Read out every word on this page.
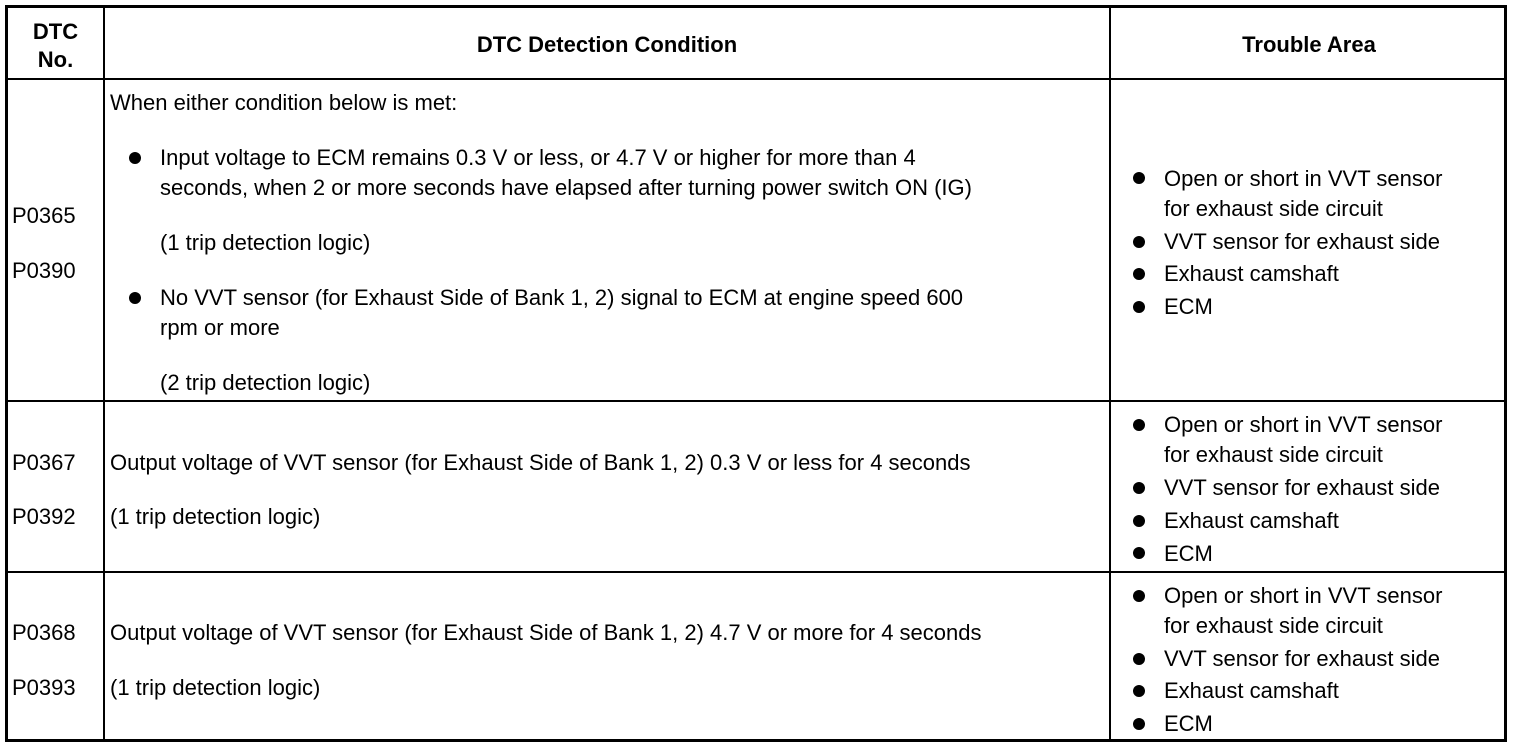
DTC
No.
DTC Detection Condition	Trouble Area
P0365
P0390
When either condition below is met:
Input voltage to ECM remains 0.3 V or less, or 4.7 V or higher for more than 4
seconds, when 2 or more seconds have elapsed after turning power switch ON (IG)
(1 trip detection logic)
No VVT sensor (for Exhaust Side of Bank 1, 2) signal to ECM at engine speed 600
rpm or more
(2 trip detection logic)
Open or short in VVT sensor
for exhaust side circuit
VVT sensor for exhaust side
Exhaust camshaft
ECM
P0367
P0392
Output voltage of VVT sensor (for Exhaust Side of Bank 1, 2) 0.3 V or less for 4 seconds
(1 trip detection logic)
Open or short in VVT sensor
for exhaust side circuit
VVT sensor for exhaust side
Exhaust camshaft
ECM
P0368
P0393
Output voltage of VVT sensor (for Exhaust Side of Bank 1, 2) 4.7 V or more for 4 seconds
(1 trip detection logic)
Open or short in VVT sensor
for exhaust side circuit
VVT sensor for exhaust side
Exhaust camshaft
ECM
